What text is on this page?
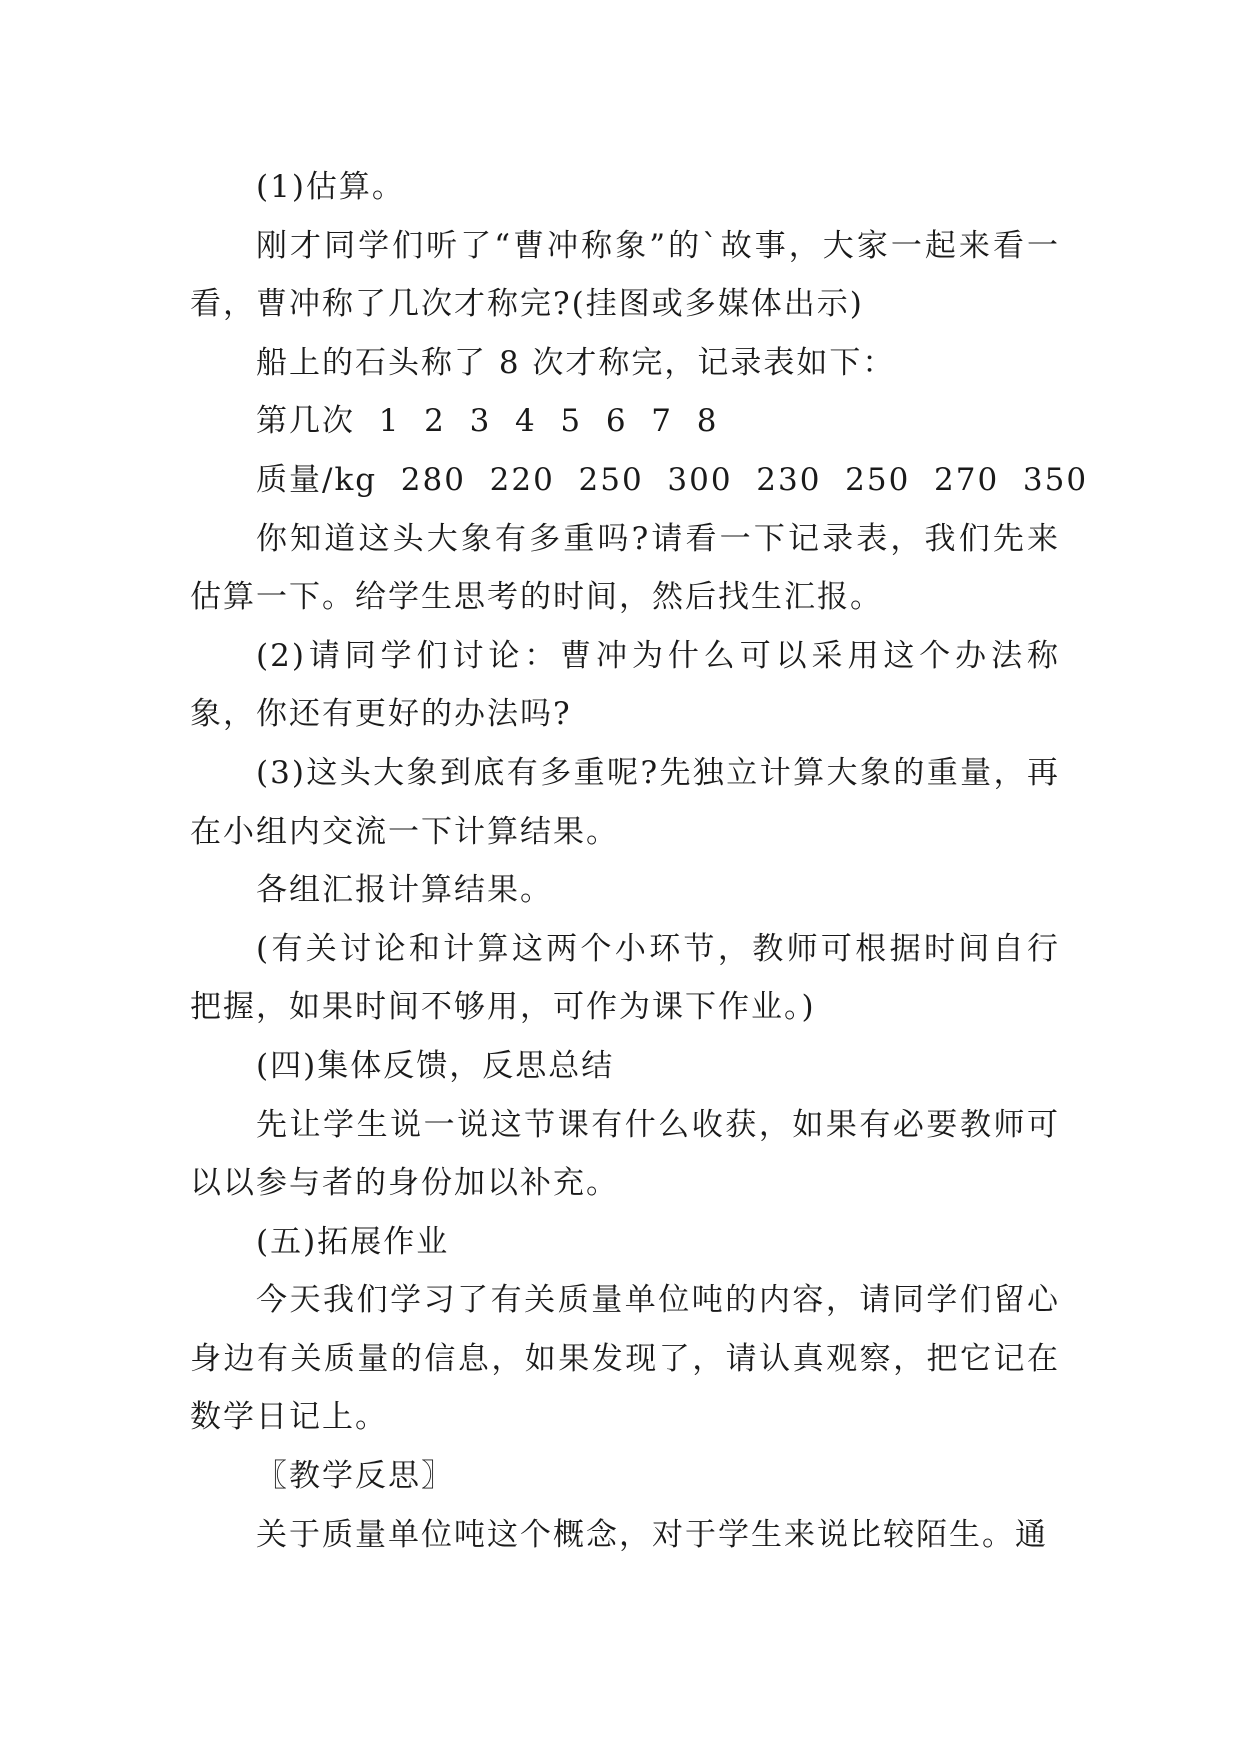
(1)估算。

刚才同学们听了“曹冲称象”的`故事，大家一起来看一看，曹冲称了几次才称完?(挂图或多媒体出示)

船上的石头称了 8 次才称完，记录表如下：

第几次  1  2  3  4  5  6  7  8

质量/kg  280  220  250  300  230  250  270  350

你知道这头大象有多重吗?请看一下记录表，我们先来估算一下。给学生思考的时间，然后找生汇报。

(2)请同学们讨论：曹冲为什么可以采用这个办法称象，你还有更好的办法吗?

(3)这头大象到底有多重呢?先独立计算大象的重量，再在小组内交流一下计算结果。

各组汇报计算结果。

(有关讨论和计算这两个小环节，教师可根据时间自行把握，如果时间不够用，可作为课下作业。)

(四)集体反馈，反思总结

先让学生说一说这节课有什么收获，如果有必要教师可以以参与者的身份加以补充。

(五)拓展作业

今天我们学习了有关质量单位吨的内容，请同学们留心身边有关质量的信息，如果发现了，请认真观察，把它记在数学日记上。

〖教学反思〗

关于质量单位吨这个概念，对于学生来说比较陌生。通
